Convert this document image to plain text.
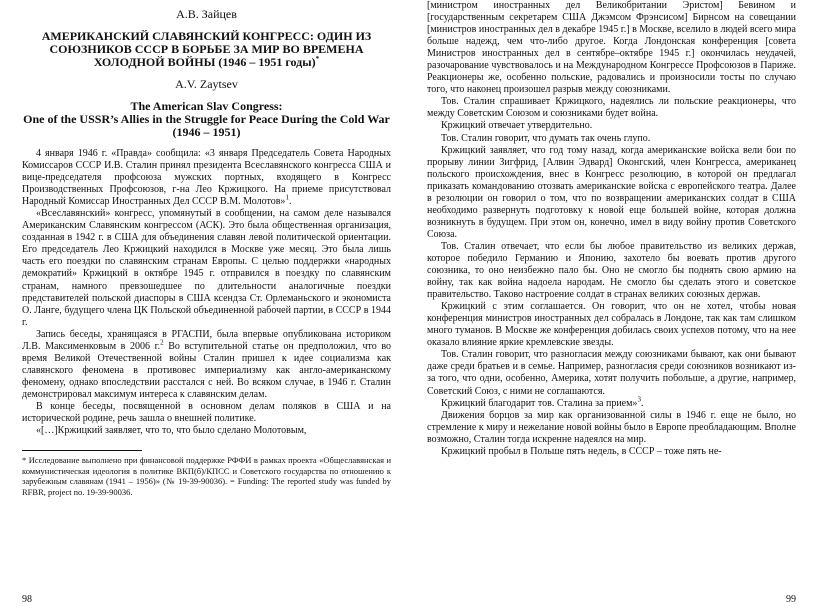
А.В. Зайцев
АМЕРИКАНСКИЙ СЛАВЯНСКИЙ КОНГРЕСС: ОДИН ИЗ СОЮЗНИКОВ СССР В БОРЬБЕ ЗА МИР ВО ВРЕМЕНА ХОЛОДНОЙ ВОЙНЫ (1946 – 1951 годы)*
A.V. Zaytsev
The American Slav Congress:
One of the USSR’s Allies in the Struggle for Peace During the Cold War (1946 – 1951)

4 января 1946 г. «Правда» сообщила: «3 января Председатель Совета Народных Комиссаров СССР И.В. Сталин принял президента Всеславянского конгресса США и вице-председателя профсоюза мужских портных, входящего в Конгресс Производственных Профсоюзов, г-на Лео Кржицкого. На приеме присутствовал Народный Комиссар Иностранных Дел СССР В.М. Молотов»$^1$.

«Всеславянский» конгресс, упомянутый в сообщении, на самом деле назывался Американским Славянским конгрессом (АСК). Это была общественная организация, созданная в 1942 г. в США для объединения славян левой политической ориентации. Его председатель Лео Кржицкий находился в Москве уже месяц. Это была лишь часть его поездки по славянским странам Европы. С целью поддержки «народных демократий» Кржицкий в октябре 1945 г. отправился в поездку по славянским странам, намного превзошедшее по длительности аналогичные поездки представителей польской диаспоры в США ксендза Ст. Орлеманьского и экономиста О. Ланге, будущего члена ЦК Польской объединенной рабочей партии, в СССР в 1944 г.

Запись беседы, хранящаяся в РГАСПИ, была впервые опубликована историком Л.В. Максименковым в 2006 г.$^2$ Во вступительной статье он предположил, что во время Великой Отечественной войны Сталин пришел к идее социализма как славянского феномена в противовес империализму как англо-американскому феномену, однако впоследствии расстался с ней. Во всяком случае, в 1946 г. Сталин демонстрировал максимум интереса к славянским делам.

В конце беседы, посвященной в основном делам поляков в США и на исторической родине, речь зашла о внешней политике.

«[…]Кржицкий заявляет, что то, что было сделано Молотовым,

* Исследование выполнено при финансовой поддержке РФФИ в рамках проекта «Общеславянская и коммунистическая идеология в политике ВКП(б)/КПСС и Советского государства по отношению к зарубежным славянам (1941 – 1956)» (№ 19-39-90036). = Funding: The reported study was funded by RFBR, project no. 19-39-90036.

98

[министром иностранных дел Великобритании Эристом] Бевином и [государственным секретарем США Джэмсом Фрэнсисом] Бирнсом на совещании [министров иностранных дел в декабре 1945 г.] в Москве, вселило в людей всего мира больше надежд, чем что-либо другое. Когда Лондонская конференция [совета Министров иностранных дел в сентябре–октябре 1945 г.] окончилась неудачей, разочарование чувствовалось и на Международном Конгрессе Профсоюзов в Париже. Реакционеры же, особенно польские, радовались и произносили тосты по случаю того, что наконец произошел разрыв между союзниками.

Тов. Сталин спрашивает Кржицкого, надеялись ли польские реакционеры, что между Советским Союзом и союзниками будет война.

Кржицкий отвечает утвердительно.

Тов. Сталин говорит, что думать так очень глупо.

Кржицкий заявляет, что год тому назад, когда американские войска вели бои по прорыву линии Зигфрид, [Алвин Эдвард] Оконгский, член Конгресса, американец польского происхождения, внес в Конгресс резолюцию, в которой он предлагал приказать командованию отозвать американские войска с европейского театра. Далее в резолюции он говорил о том, что по возвращении американских солдат в США необходимо развернуть подготовку к новой еще большей войне, которая должна возникнуть в будущем. При этом он, конечно, имел в виду войну против Советского Союза.

Тов. Сталин отвечает, что если бы любое правительство из великих держав, которое победило Германию и Японию, захотело бы воевать против другого союзника, то оно неизбежно пало бы. Оно не смогло бы поднять свою армию на войну, так как война надоела народам. Не смогло бы сделать этого и советское правительство. Таково настроение солдат в странах великих союзных держав.

Кржицкий с этим соглашается. Он говорит, что он не хотел, чтобы новая конференция министров иностранных дел собралась в Лондоне, так как там слишком много туманов. В Москве же конференция добилась своих успехов потому, что на нее оказало влияние яркие кремлевские звезды.

Тов. Сталин говорит, что разногласия между союзниками бывают, как они бывают даже среди братьев и в семье. Например, разногласия среди союзников возникают из-за того, что одни, особенно, Америка, хотят получить побольше, а другие, например, Советский Союз, с ними не соглашаются.

Кржицкий благодарит тов. Сталина за прием»$^3$.

Движения борцов за мир как организованной силы в 1946 г. еще не было, но стремление к миру и нежелание новой войны было в Европе преобладающим. Вполне возможно, Сталин тогда искренне надеялся на мир.

Кржицкий пробыл в Польше пять недель, в СССР – тоже пять не-

99
